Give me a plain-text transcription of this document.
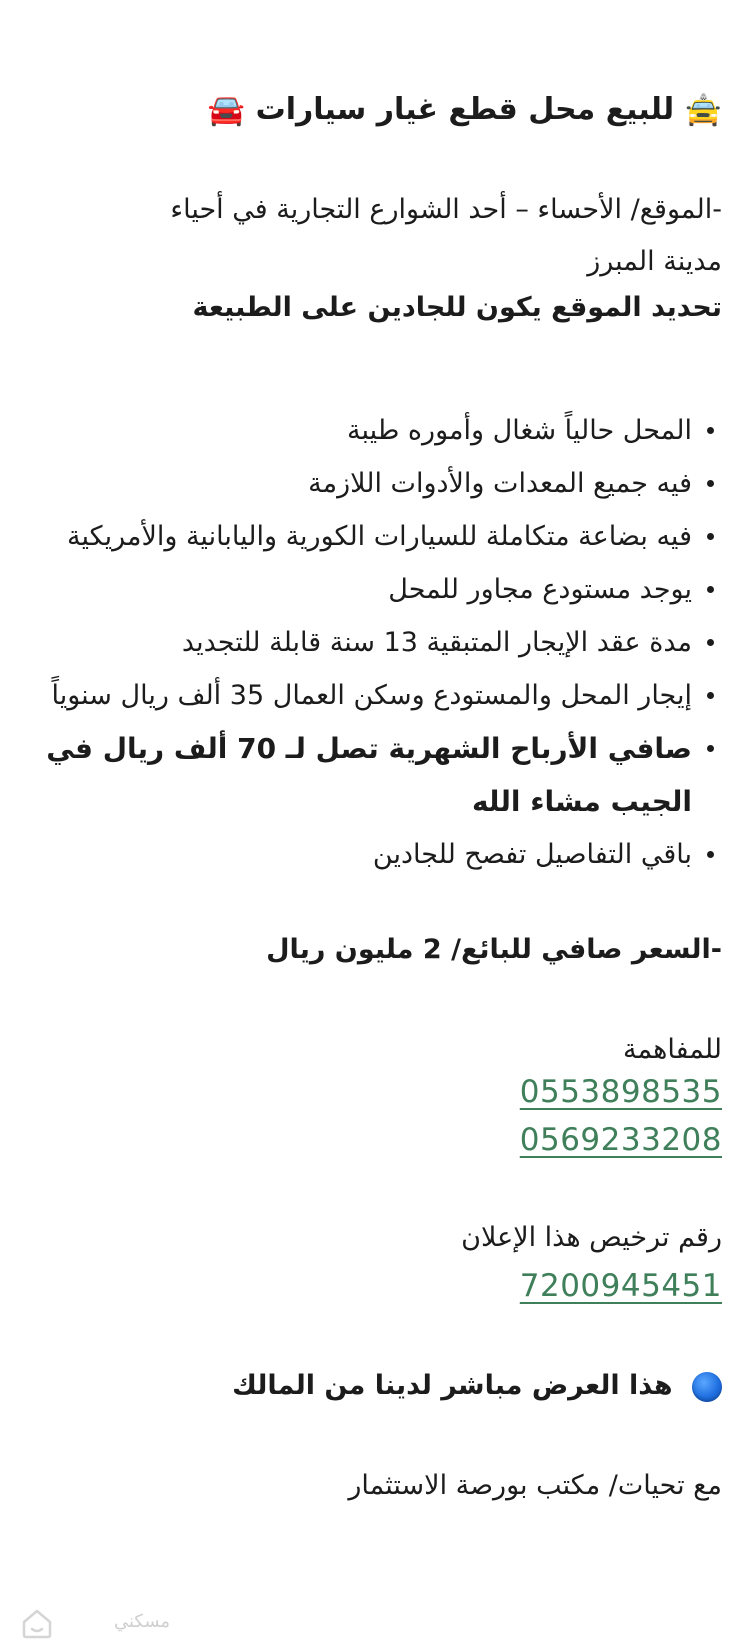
🚖 للبيع محل قطع غيار سيارات 🚘
-الموقع/ الأحساء – أحد الشوارع التجارية في أحياء
مدينة المبرز
تحديد الموقع يكون للجادين على الطبيعة
المحل حالياً شغال وأموره طيبة
فيه جميع المعدات والأدوات اللازمة
فيه بضاعة متكاملة للسيارات الكورية واليابانية والأمريكية
يوجد مستودع مجاور للمحل
مدة عقد الإيجار المتبقية 13 سنة قابلة للتجديد
إيجار المحل والمستودع وسكن العمال 35 ألف ريال سنوياً
صافي الأرباح الشهرية تصل لـ 70 ألف ريال في الجيب مشاء الله
باقي التفاصيل تفصح للجادين
-السعر صافي للبائع/ 2 مليون ريال
للمفاهمة
0553898535
0569233208
رقم ترخيص هذا الإعلان
7200945451
هذا العرض مباشر لدينا من المالك
مع تحيات/ مكتب بورصة الاستثمار
مسكني
